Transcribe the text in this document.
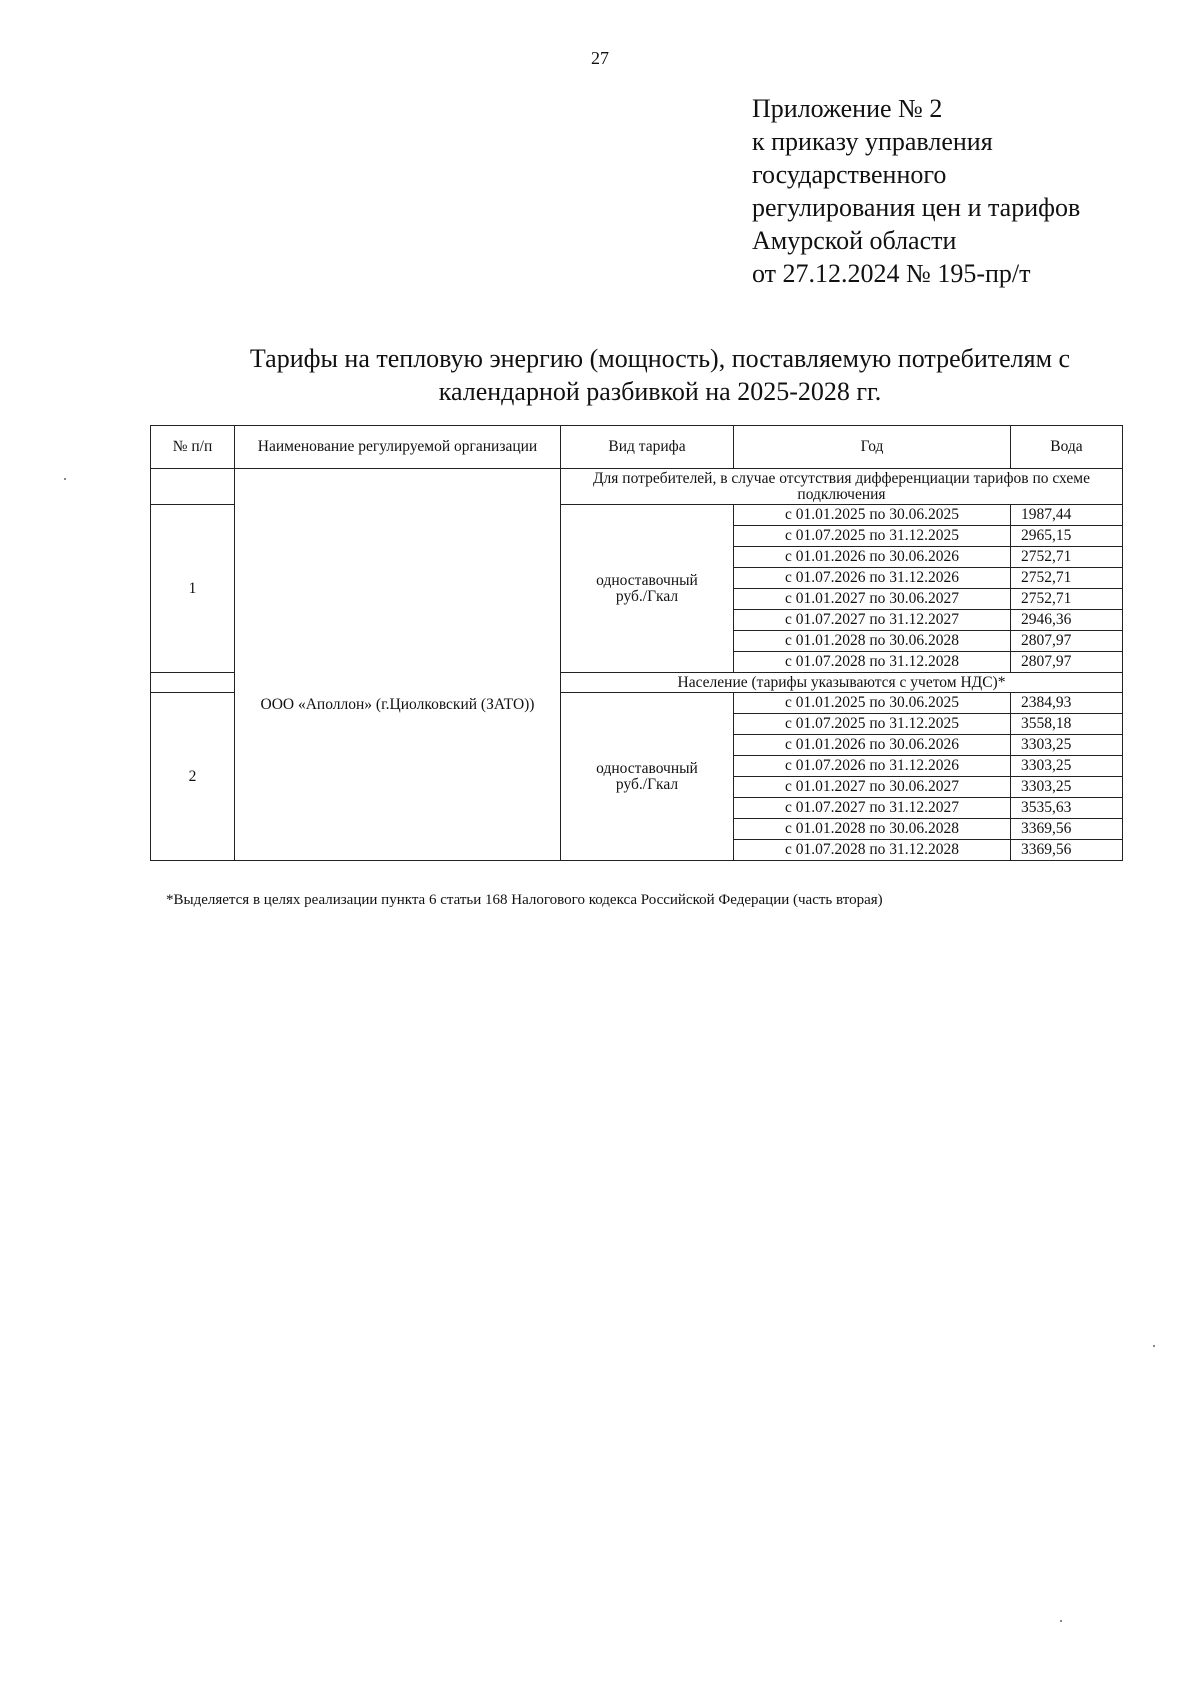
27
Приложение № 2
к приказу управления
государственного
регулирования цен и тарифов
Амурской области
от 27.12.2024 № 195-пр/т
Тарифы на тепловую энергию (мощность), поставляемую потребителям с
календарной разбивкой на 2025-2028 гг.
№ п/п	Наименование регулируемой организации	Вид тарифа	Год	Вода
	ООО «Аполлон» (г.Циолковский (ЗАТО))	Для потребителей, в случае отсутствия дифференциации тарифов по схеме подключения		
1		одноставочный руб./Гкал	с 01.01.2025 по 30.06.2025	1987,44
			с 01.07.2025 по 31.12.2025	2965,15
			с 01.01.2026 по 30.06.2026	2752,71
			с 01.07.2026 по 31.12.2026	2752,71
			с 01.01.2027 по 30.06.2027	2752,71
			с 01.07.2027 по 31.12.2027	2946,36
			с 01.01.2028 по 30.06.2028	2807,97
			с 01.07.2028 по 31.12.2028	2807,97
		Население (тарифы указываются с учетом НДС)*		
2		одноставочный руб./Гкал	с 01.01.2025 по 30.06.2025	2384,93
			с 01.07.2025 по 31.12.2025	3558,18
			с 01.01.2026 по 30.06.2026	3303,25
			с 01.07.2026 по 31.12.2026	3303,25
			с 01.01.2027 по 30.06.2027	3303,25
			с 01.07.2027 по 31.12.2027	3535,63
			с 01.01.2028 по 30.06.2028	3369,56
			с 01.07.2028 по 31.12.2028	3369,56
*Выделяется в целях реализации пункта 6 статьи 168 Налогового кодекса Российской Федерации (часть вторая)
